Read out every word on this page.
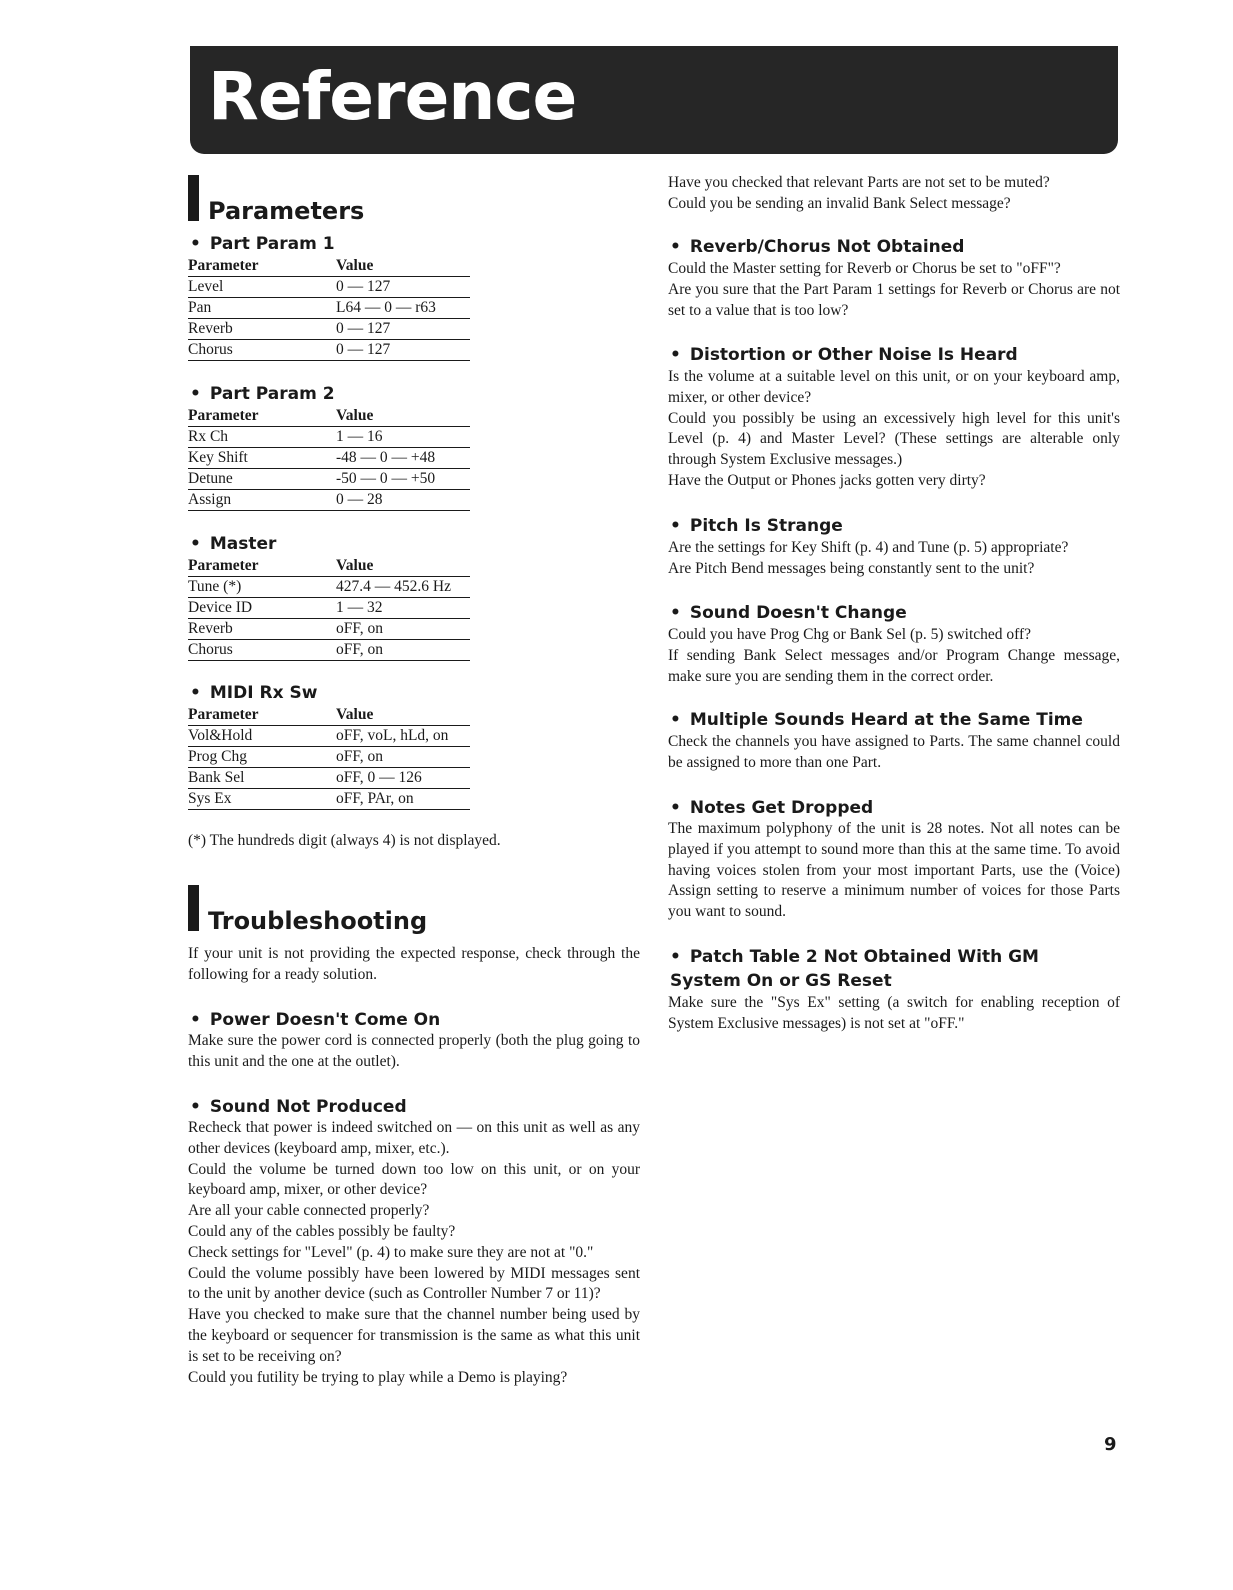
Reference
Parameters
• Part Param 1
Parameter	Value
Level	0 — 127
Pan	L64 — 0 — r63
Reverb	0 — 127
Chorus	0 — 127
• Part Param 2
Parameter	Value
Rx Ch	1 — 16
Key Shift	-48 — 0 — +48
Detune	-50 — 0 — +50
Assign	0 — 28
• Master
Parameter	Value
Tune (*)	427.4 — 452.6 Hz
Device ID	1 — 32
Reverb	oFF, on
Chorus	oFF, on
• MIDI Rx Sw
Parameter	Value
Vol&Hold	oFF, voL, hLd, on
Prog Chg	oFF, on
Bank Sel	oFF, 0 — 126
Sys Ex	oFF, PAr, on
(*) The hundreds digit (always 4) is not displayed.
Troubleshooting

If your unit is not providing the expected response, check through the following for a ready solution.

• Power Doesn't Come On

Make sure the power cord is connected properly (both the plug going to this unit and the one at the outlet).

• Sound Not Produced

Recheck that power is indeed switched on — on this unit as well as any other devices (keyboard amp, mixer, etc.).

Could the volume be turned down too low on this unit, or on your keyboard amp, mixer, or other device?

Are all your cable connected properly?

Could any of the cables possibly be faulty?

Check settings for "Level" (p. 4) to make sure they are not at "0."

Could the volume possibly have been lowered by MIDI messages sent to the unit by another device (such as Controller Number 7 or 11)?

Have you checked to make sure that the channel number being used by the keyboard or sequencer for transmission is the same as what this unit is set to be receiving on?

Could you futility be trying to play while a Demo is playing?

Have you checked that relevant Parts are not set to be muted?

Could you be sending an invalid Bank Select message?

• Reverb/Chorus Not Obtained

Could the Master setting for Reverb or Chorus be set to "oFF"?

Are you sure that the Part Param 1 settings for Reverb or Chorus are not set to a value that is too low?

• Distortion or Other Noise Is Heard

Is the volume at a suitable level on this unit, or on your keyboard amp, mixer, or other device?

Could you possibly be using an excessively high level for this unit's Level (p. 4) and Master Level? (These settings are alterable only through System Exclusive messages.)

Have the Output or Phones jacks gotten very dirty?

• Pitch Is Strange

Are the settings for Key Shift (p. 4) and Tune (p. 5) appropriate?

Are Pitch Bend messages being constantly sent to the unit?

• Sound Doesn't Change

Could you have Prog Chg or Bank Sel (p. 5) switched off?

If sending Bank Select messages and/or Program Change message, make sure you are sending them in the correct order.

• Multiple Sounds Heard at the Same Time

Check the channels you have assigned to Parts. The same channel could be assigned to more than one Part.

• Notes Get Dropped

The maximum polyphony of the unit is 28 notes. Not all notes can be played if you attempt to sound more than this at the same time. To avoid having voices stolen from your most important Parts, use the (Voice) Assign setting to reserve a minimum number of voices for those Parts you want to sound.

• Patch Table 2 Not Obtained With GM System On or GS Reset

Make sure the "Sys Ex" setting (a switch for enabling reception of System Exclusive messages) is not set at "oFF."

9
